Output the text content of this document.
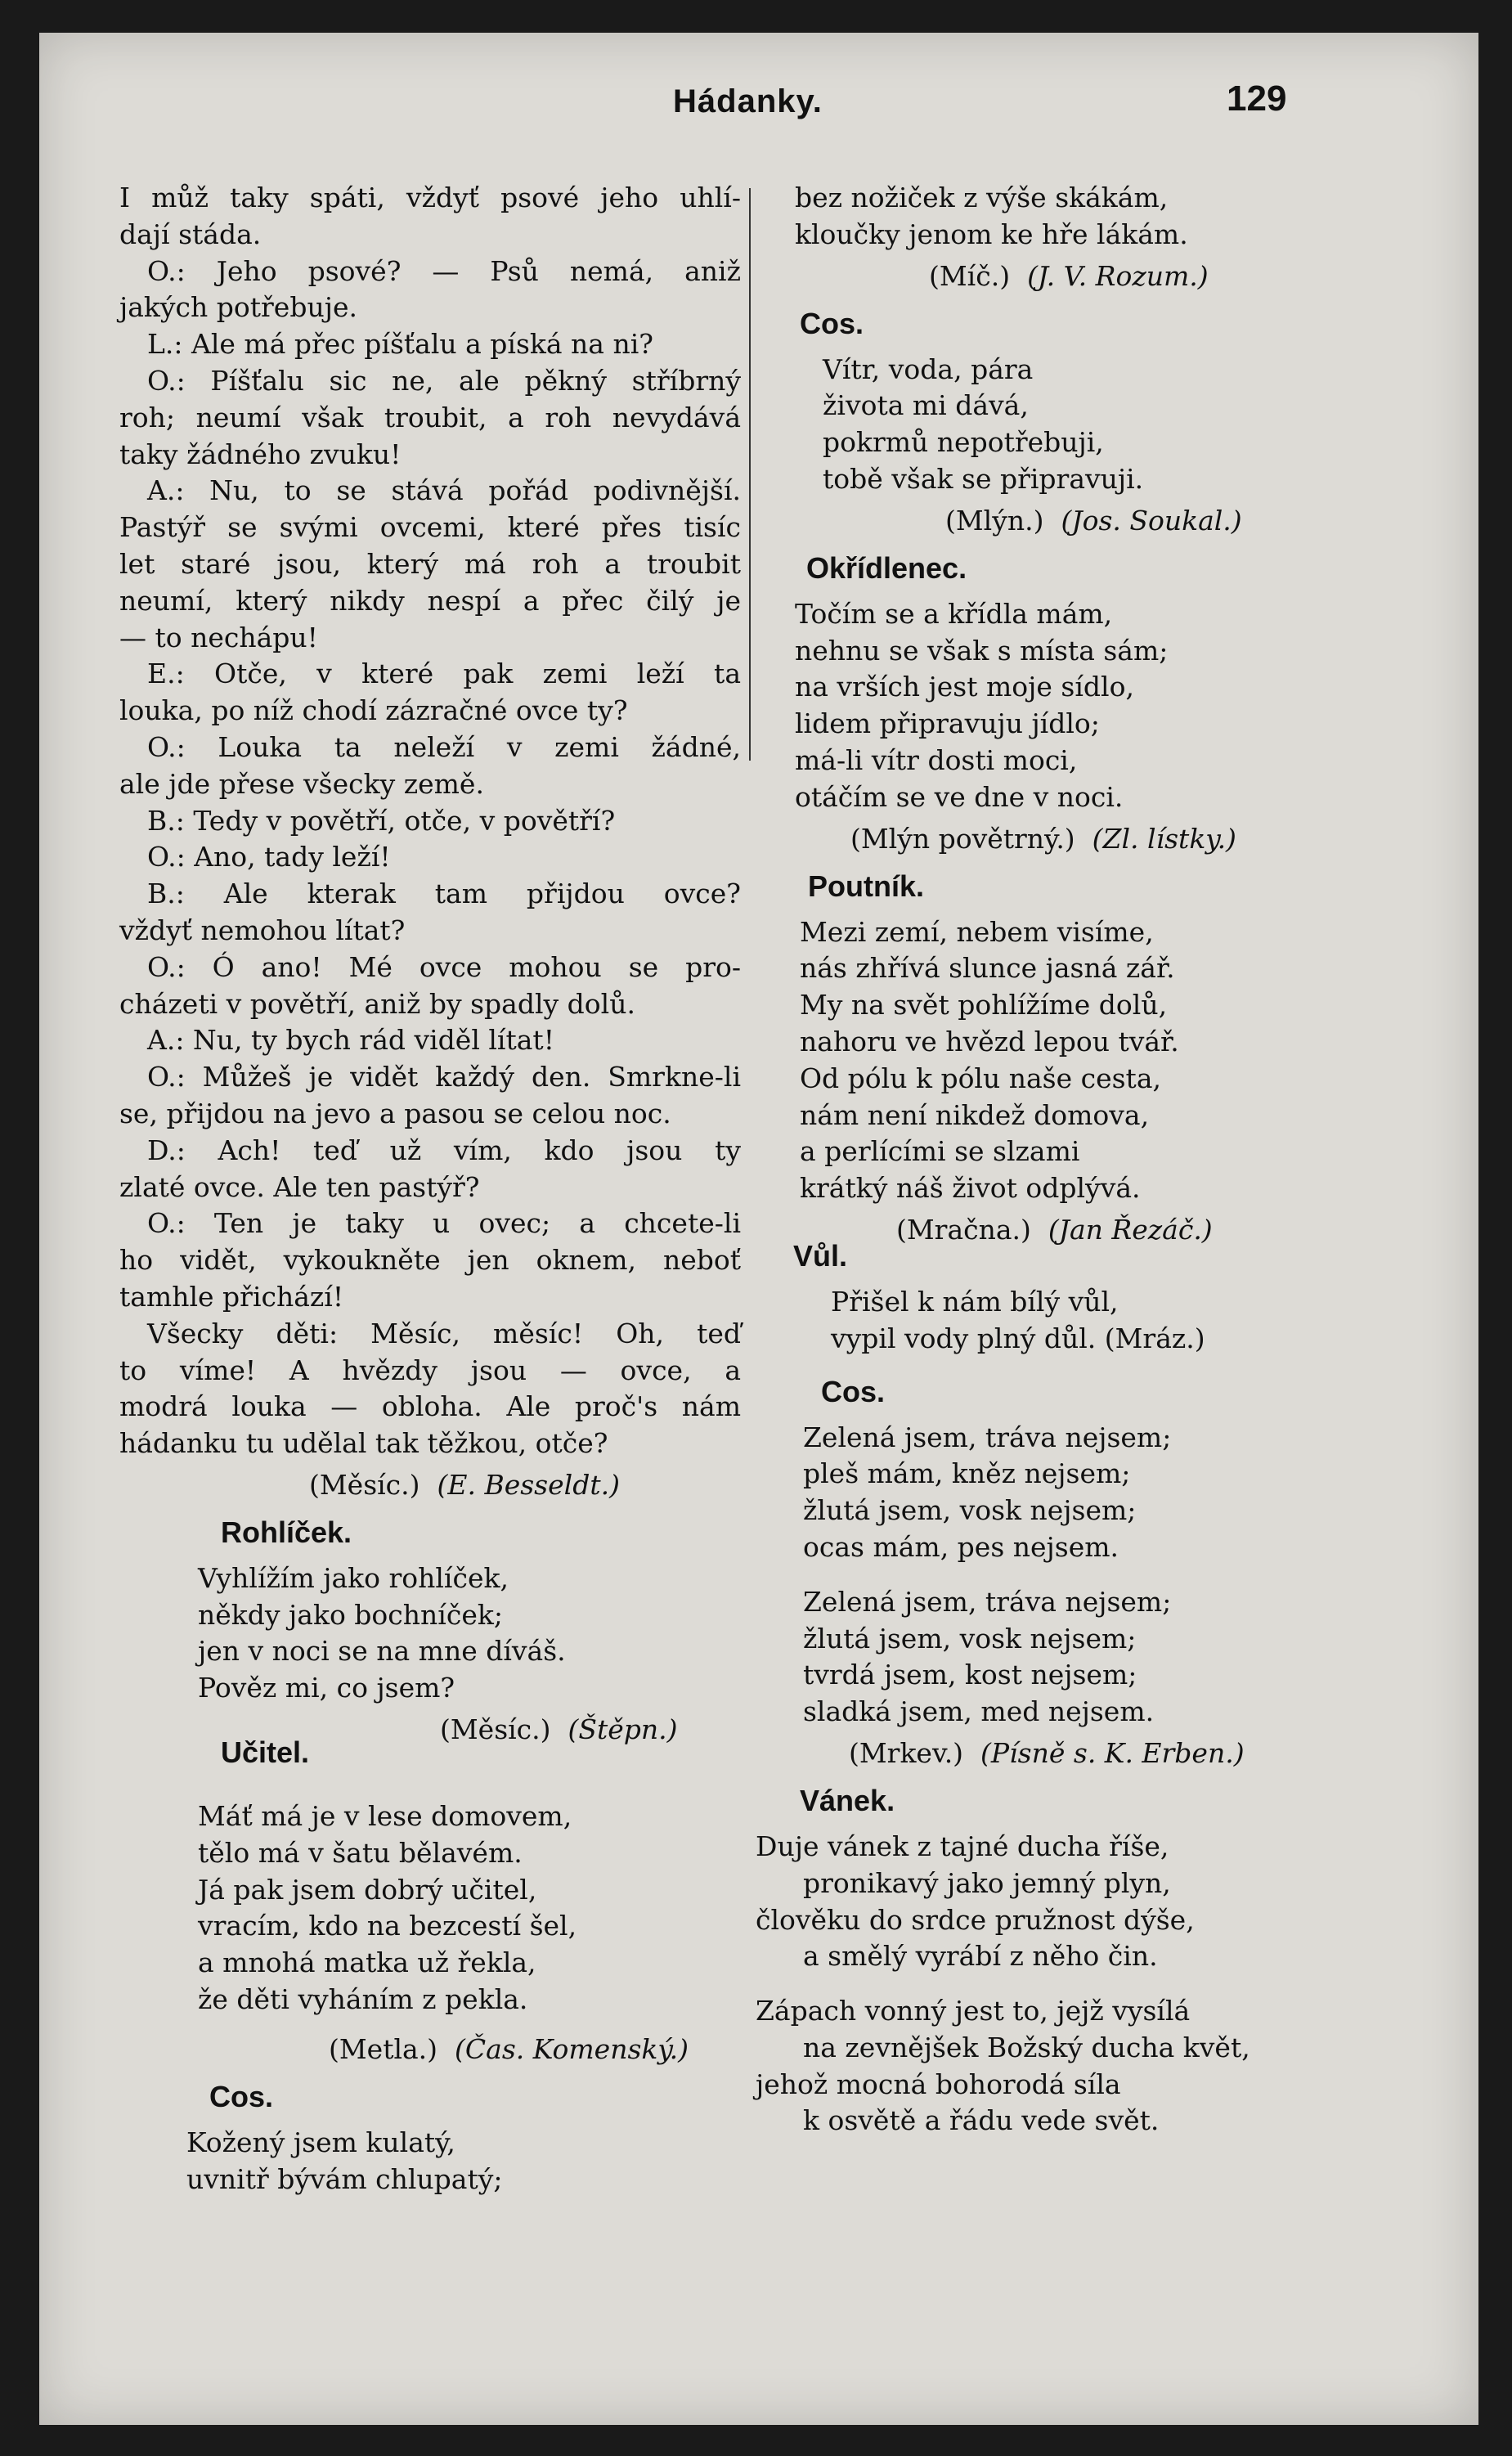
Hádanky.	129

I můž taky spáti, vždyť psové jeho uhlí-

dají stáda.

O.: Jeho psové? — Psů nemá, aniž

jakých potřebuje.

L.: Ale má přec píšťalu a píská na ni?

O.: Píšťalu sic ne, ale pěkný stříbrný

roh; neumí však troubit, a roh nevydává

taky žádného zvuku!

A.: Nu, to se stává pořád podivnější.

Pastýř se svými ovcemi, které přes tisíc

let staré jsou, který má roh a troubit

neumí, který nikdy nespí a přec čilý je

— to nechápu!

E.: Otče, v které pak zemi leží ta

louka, po níž chodí zázračné ovce ty?

O.: Louka ta neleží v zemi žádné,

ale jde přese všecky země.

B.: Tedy v povětří, otče, v povětří?

O.: Ano, tady leží!

B.: Ale kterak tam přijdou ovce?

vždyť nemohou lítat?

O.: Ó ano! Mé ovce mohou se pro-

cházeti v povětří, aniž by spadly dolů.

A.: Nu, ty bych rád viděl lítat!

O.: Můžeš je vidět každý den. Smrkne-li

se, přijdou na jevo a pasou se celou noc.

D.: Ach! teď už vím, kdo jsou ty

zlaté ovce. Ale ten pastýř?

O.: Ten je taky u ovec; a chcete-li

ho vidět, vykoukněte jen oknem, neboť

tamhle přichází!

Všecky děti: Měsíc, měsíc! Oh, teď

to víme! A hvězdy jsou — ovce, a

modrá louka — obloha. Ale proč's nám

hádanku tu udělal tak těžkou, otče?

(Měsíc.) (E. Besseldt.)

Rohlíček.

Vyhlížím jako rohlíček,

někdy jako bochníček;

jen v noci se na mne díváš.

Pověz mi, co jsem?

(Měsíc.) (Štěpn.)

Učitel.

Máť má je v lese domovem,

tělo má v šatu bělavém.

Já pak jsem dobrý učitel,

vracím, kdo na bezcestí šel,

a mnohá matka už řekla,

že děti vyháním z pekla.

(Metla.) (Čas. Komenský.)

Cos.

Kožený jsem kulatý,

uvnitř bývám chlupatý;

bez nožiček z výše skákám,

kloučky jenom ke hře lákám.

(Míč.) (J. V. Rozum.)

Cos.

Vítr, voda, pára

života mi dává,

pokrmů nepotřebuji,

tobě však se připravuji.

(Mlýn.) (Jos. Soukal.)

Okřídlenec.

Točím se a křídla mám,

nehnu se však s místa sám;

na vrších jest moje sídlo,

lidem připravuju jídlo;

má-li vítr dosti moci,

otáčím se ve dne v noci.

(Mlýn povětrný.) (Zl. lístky.)

Poutník.

Mezi zemí, nebem visíme,

nás zhřívá slunce jasná zář.

My na svět pohlížíme dolů,

nahoru ve hvězd lepou tvář.

Od pólu k pólu naše cesta,

nám není nikdež domova,

a perlícími se slzami

krátký náš život odplývá.

(Mračna.) (Jan Řezáč.)

Vůl.

Přišel k nám bílý vůl,

vypil vody plný důl. (Mráz.)

Cos.

Zelená jsem, tráva nejsem;

pleš mám, kněz nejsem;

žlutá jsem, vosk nejsem;

ocas mám, pes nejsem.

Zelená jsem, tráva nejsem;

žlutá jsem, vosk nejsem;

tvrdá jsem, kost nejsem;

sladká jsem, med nejsem.

(Mrkev.) (Písně s. K. Erben.)

Vánek.

Duje vánek z tajné ducha říše,

pronikavý jako jemný plyn,

člověku do srdce pružnost dýše,

a smělý vyrábí z něho čin.

Zápach vonný jest to, jejž vysílá

na zevnějšek Božský ducha květ,

jehož mocná bohorodá síla

k osvětě a řádu vede svět.
